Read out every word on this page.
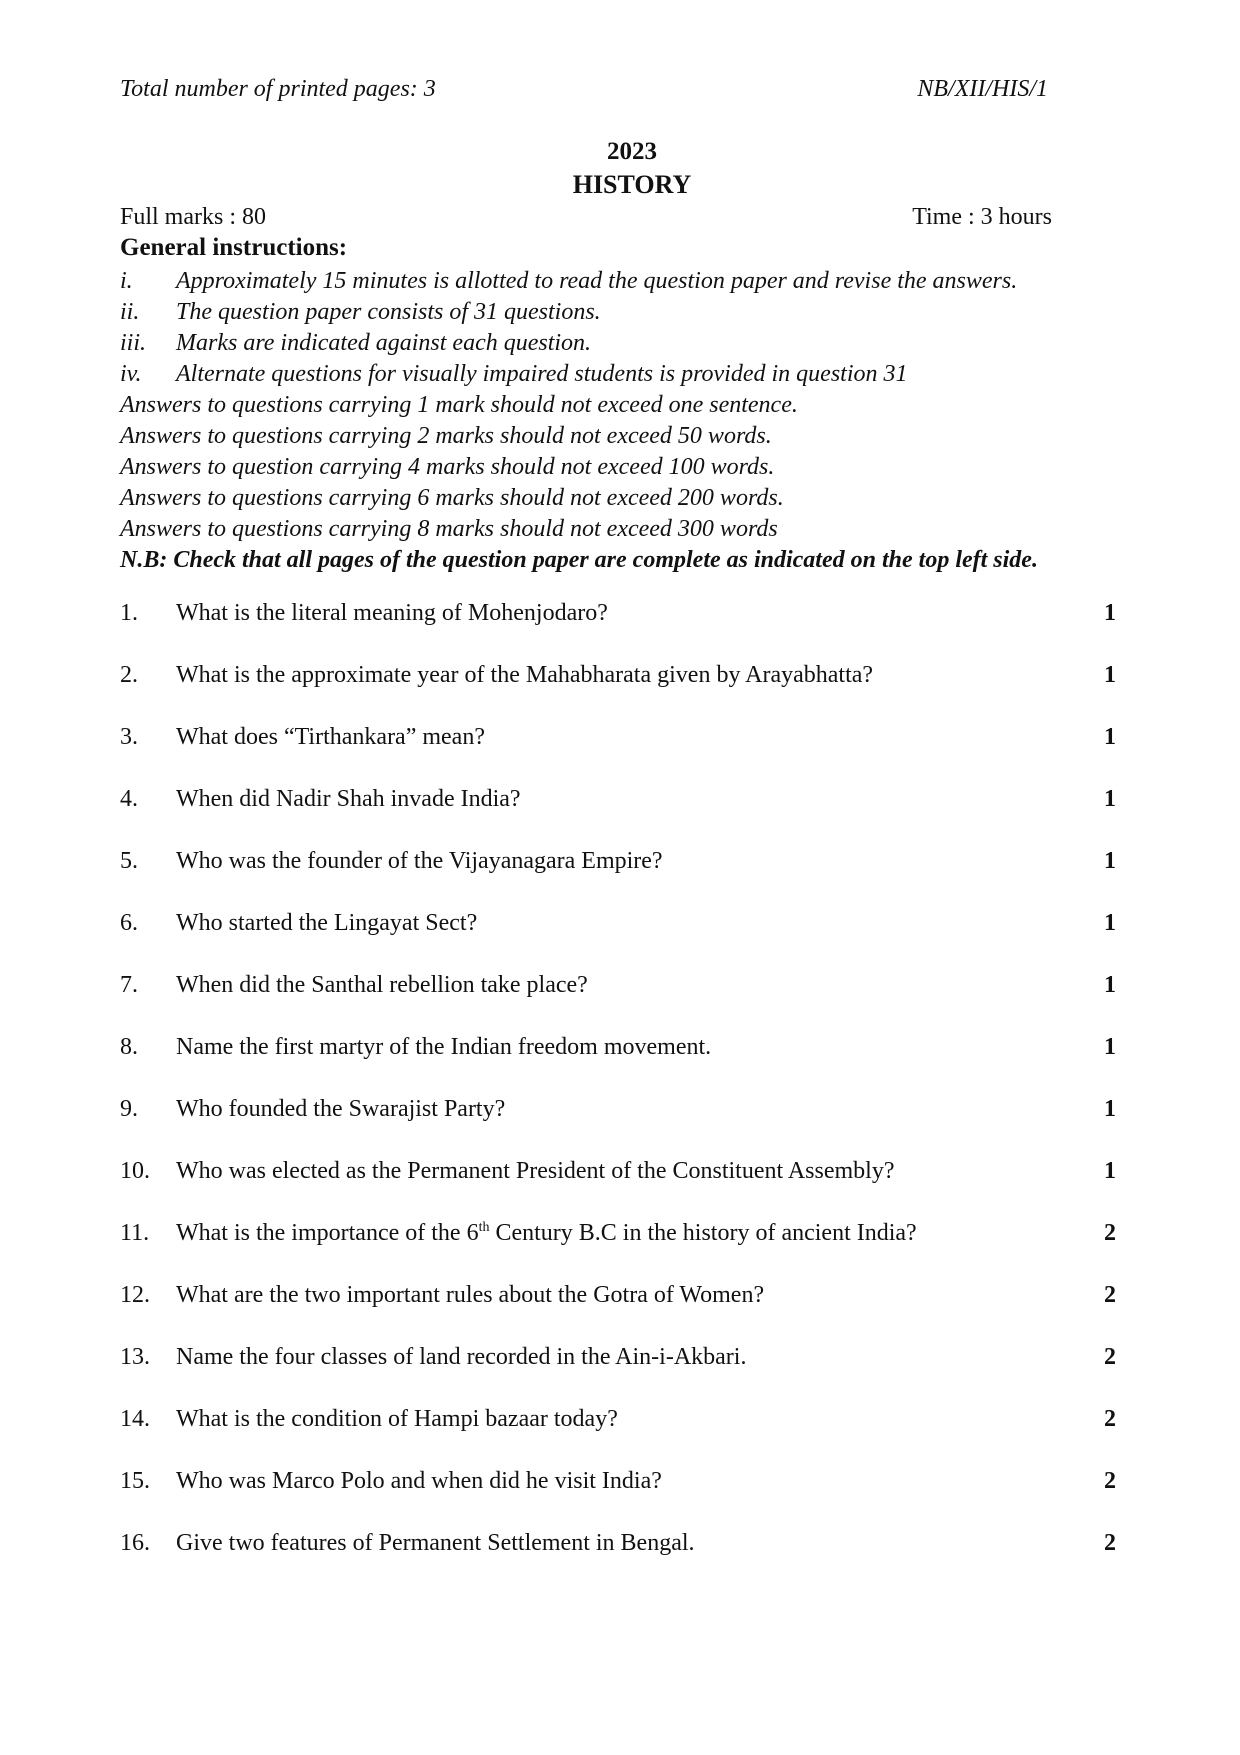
Total number of printed pages: 3	NB/XII/HIS/1
2023
HISTORY
Full marks : 80	Time : 3 hours
General instructions:
i.	Approximately 15 minutes is allotted to read the question paper and revise the answers.
ii.	The question paper consists of 31 questions.
iii.	Marks are indicated against each question.
iv.	Alternate questions for visually impaired students is provided in question 31
Answers to questions carrying 1 mark should not exceed one sentence.
Answers to questions carrying 2 marks should not exceed 50 words.
Answers to question carrying 4 marks should not exceed 100 words.
Answers to questions carrying 6 marks should not exceed 200 words.
Answers to questions carrying 8 marks should not exceed 300 words
N.B: Check that all pages of the question paper are complete as indicated on the top left side.
1.	What is the literal meaning of Mohenjodaro?	1
2.	What is the approximate year of the Mahabharata given by Arayabhatta?	1
3.	What does “Tirthankara” mean?	1
4.	When did Nadir Shah invade India?	1
5.	Who was the founder of the Vijayanagara Empire?	1
6.	Who started the Lingayat Sect?	1
7.	When did the Santhal rebellion take place?	1
8.	Name the first martyr of the Indian freedom movement.	1
9.	Who founded the Swarajist Party?	1
10.	Who was elected as the Permanent President of the Constituent Assembly?	1
11.	What is the importance of the 6th Century B.C in the history of ancient India?	2
12.	What are the two important rules about the Gotra of Women?	2
13.	Name the four classes of land recorded in the Ain-i-Akbari.	2
14.	What is the condition of Hampi bazaar today?	2
15.	Who was Marco Polo and when did he visit India?	2
16.	Give two features of Permanent Settlement in Bengal.	2
